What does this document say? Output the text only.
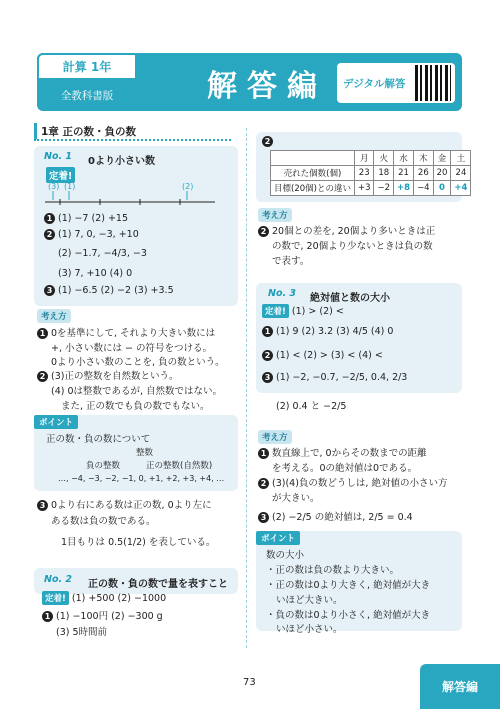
計算 1年
全教科書版	解答編 デジタル解答
1章 正の数・負の数
No. 1 0より小さい数
定着!
(3) (1)	(2)
1 (1) −7 (2) +15
2 (1) 7, 0, −3, +10
(2) −1.7, −4/3, −3
(3) 7, +10 (4) 0
3 (1) −6.5 (2) −2 (3) +3.5
考え方
1 0を基準にして, それより大きい数には
+, 小さい数には − の符号をつける。
0より小さい数のことを, 負の数という。
2 (3)正の整数を自然数という。
(4) 0は整数であるが, 自然数ではない。
また, 正の数でも負の数でもない。
ポイント
正の数・負の数について
整数
負の整数	正の整数(自然数)
…, −4, −3, −2, −1, 0, +1, +2, +3, +4, …
3 0より右にある数は正の数, 0より左に
ある数は負の数である。
1目もりは 0.5(1/2) を表している。
No. 2 正の数・負の数で量を表すこと
定着! (1) +500 (2) −1000
1 (1) −100円 (2) −300 g
(3) 5時間前
2
	月	火	水	木	金	土
売れた個数(個)	23	18	21	26	20	24
目標(20個)との違い	+3	−2	+8	−4	0	+4
考え方
2 20個との差を, 20個より多いときは正
の数で, 20個より少ないときは負の数
で表す。
No. 3 絶対値と数の大小
定着! (1) > (2) <
1 (1) 9 (2) 3.2 (3) 4/5 (4) 0
2 (1) < (2) > (3) < (4) <
3 (1) −2, −0.7, −2/5, 0.4, 2/3
(2) 0.4 と −2/5
考え方
1 数直線上で, 0からその数までの距離
を考える。0の絶対値は0である。
2 (3)(4)負の数どうしは, 絶対値の小さい方
が大きい。
3 (2) −2/5 の絶対値は, 2/5 = 0.4
ポイント
数の大小
・正の数は負の数より大きい。
・正の数は0より大きく, 絶対値が大き
いほど大きい。
・負の数は0より小さく, 絶対値が大き
いほど小さい。
73	解答編
